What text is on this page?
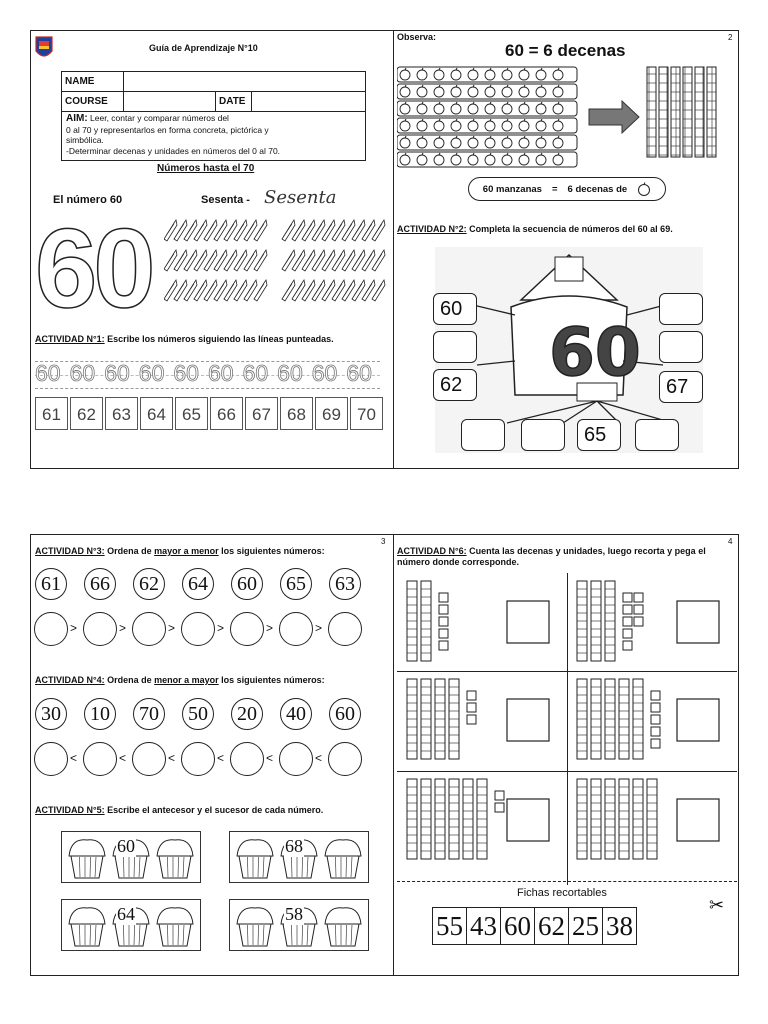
Guía de Aprendizaje N°10
NAME			
COURSE		DATE	
AIM: Leer, contar y comparar números del
0 al 70 y representarlos en forma concreta, pictórica y
simbólica.
-Determinar decenas y unidades en números del 0 al 70.
Números hasta el 70
El número 60	Sesenta - Sesenta
60
ACTIVIDAD N°1: Escribe los números siguiendo las líneas punteadas.
60 60 60 60 60 60 60 60 60 60
61 62 63 64 65 66 67 68 69 70
2
Observa:
60 = 6 decenas
60 manzanas = 6 decenas de
ACTIVIDAD N°2: Completa la secuencia de números del 60 al 69.
60
60
62	67
65
3
ACTIVIDAD N°3: Ordena de mayor a menor los siguientes números:
61
>
66
>
62
>
64
>
60
>
65
>
63
ACTIVIDAD N°4: Ordena de menor a mayor los siguientes números:
30
<
10
<
70
<
50
<
20
<
40
<
60
ACTIVIDAD N°5: Escribe el antecesor y el sucesor de cada número.
60	68
64	58
4
ACTIVIDAD N°6: Cuenta las decenas y unidades, luego recorta y pega el número donde corresponde.
Fichas recortables
✂
55 43 60 62 25 38
